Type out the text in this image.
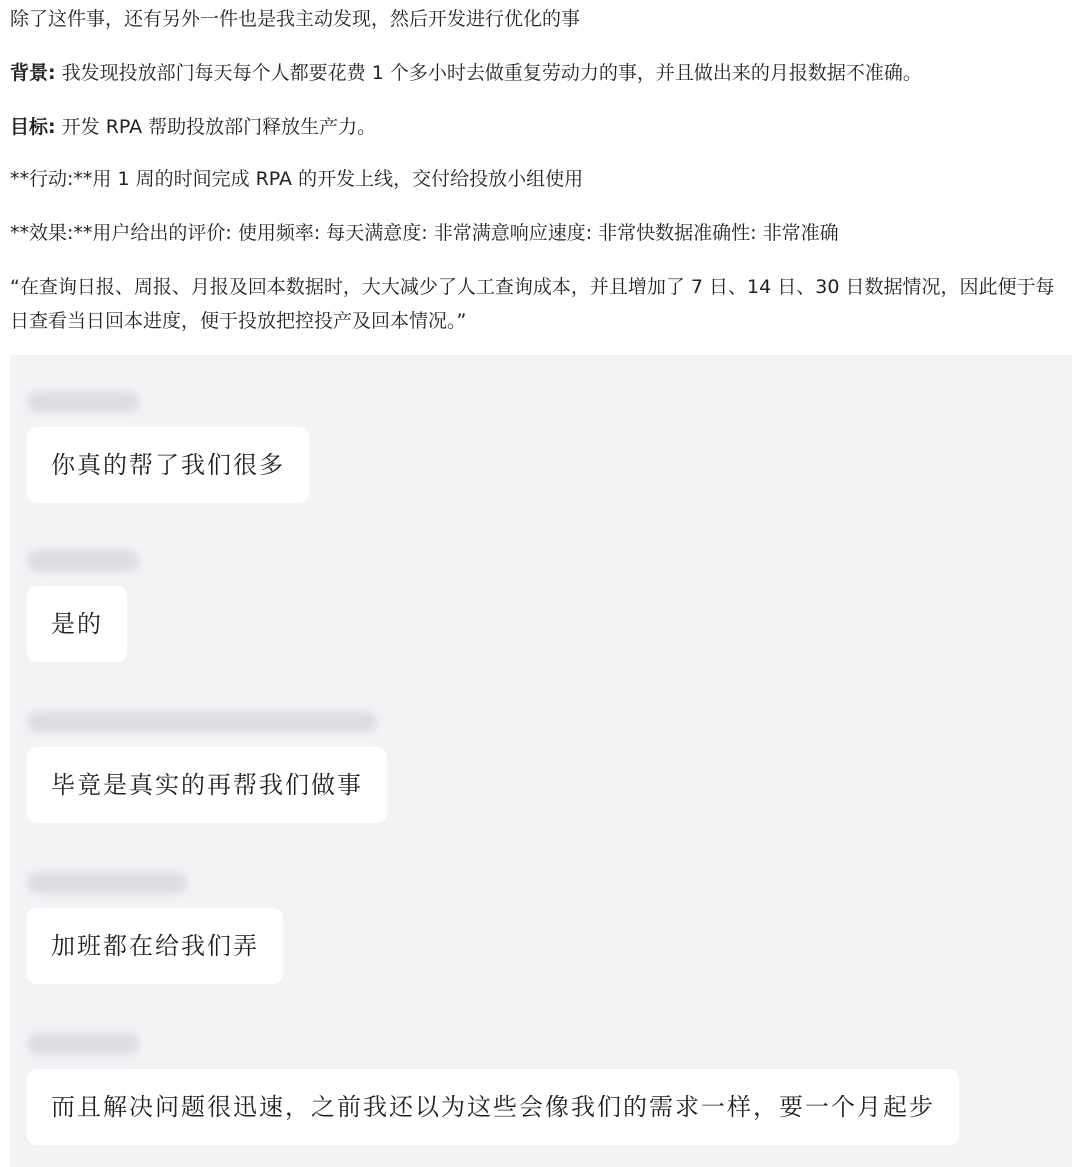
除了这件事，还有另外一件也是我主动发现，然后开发进行优化的事
背景: 我发现投放部门每天每个人都要花费 1 个多小时去做重复劳动力的事，并且做出来的月报数据不准确。
目标: 开发 RPA 帮助投放部门释放生产力。
**行动:**用 1 周的时间完成 RPA 的开发上线，交付给投放小组使用
**效果:**用户给出的评价: 使用频率: 每天满意度: 非常满意响应速度: 非常快数据准确性: 非常准确
“在查询日报、周报、月报及回本数据时，大大减少了人工查询成本，并且增加了 7 日、14 日、30 日数据情况，因此便于每日查看当日回本进度，便于投放把控投产及回本情况。”
你真的帮了我们很多
是的
毕竟是真实的再帮我们做事
加班都在给我们弄
而且解决问题很迅速，之前我还以为这些会像我们的需求一样，要一个月起步
